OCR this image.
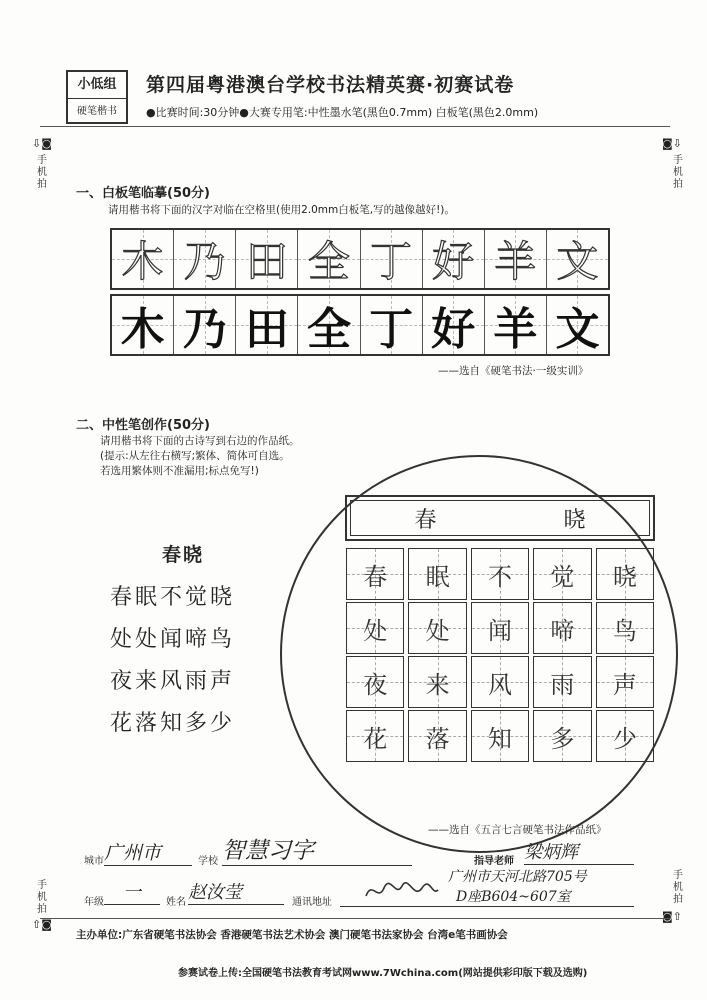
小低组
硬笔楷书
第四届粤港澳台学校书法精英赛·初赛试卷
●比赛时间:30分钟●大赛专用笔:中性墨水笔(黑色0.7mm) 白板笔(黑色2.0mm)
⇩◙
手机拍
◙⇩
手机拍
手机拍
⇧◙
手机拍
◙⇧
一、白板笔临摹(50分)
请用楷书将下面的汉字对临在空格里(使用2.0mm白板笔,写的越像越好!)。
木 乃 田 全 丁 好 羊 文
木 乃 田 全 丁 好 羊 文
——选自《硬笔书法·一级实训》
二、中性笔创作(50分)
请用楷书将下面的古诗写到右边的作品纸。
(提示:从左往右横写;繁体、简体可自选。
若选用繁体则不准漏用;标点免写!)
春晓
春眠不觉晓
处处闻啼鸟
夜来风雨声
花落知多少
春 晓
春 眠 不 觉 晓
处 处 闻 啼 鸟
夜 来 风 雨 声
花 落 知 多 少
——选自《五言七言硬笔书法作品纸》
城市 广州市	学校 智慧习字	指导老师 梁炳辉
年级	一	姓名 赵汝莹	通讯地址
广州市天河北路705号
D座B604~607室
主办单位:广东省硬笔书法协会 香港硬笔书法艺术协会 澳门硬笔书法家协会 台湾e笔书画协会
参赛试卷上传:全国硬笔书法教育考试网www.7Wchina.com(网站提供彩印版下载及选购)
